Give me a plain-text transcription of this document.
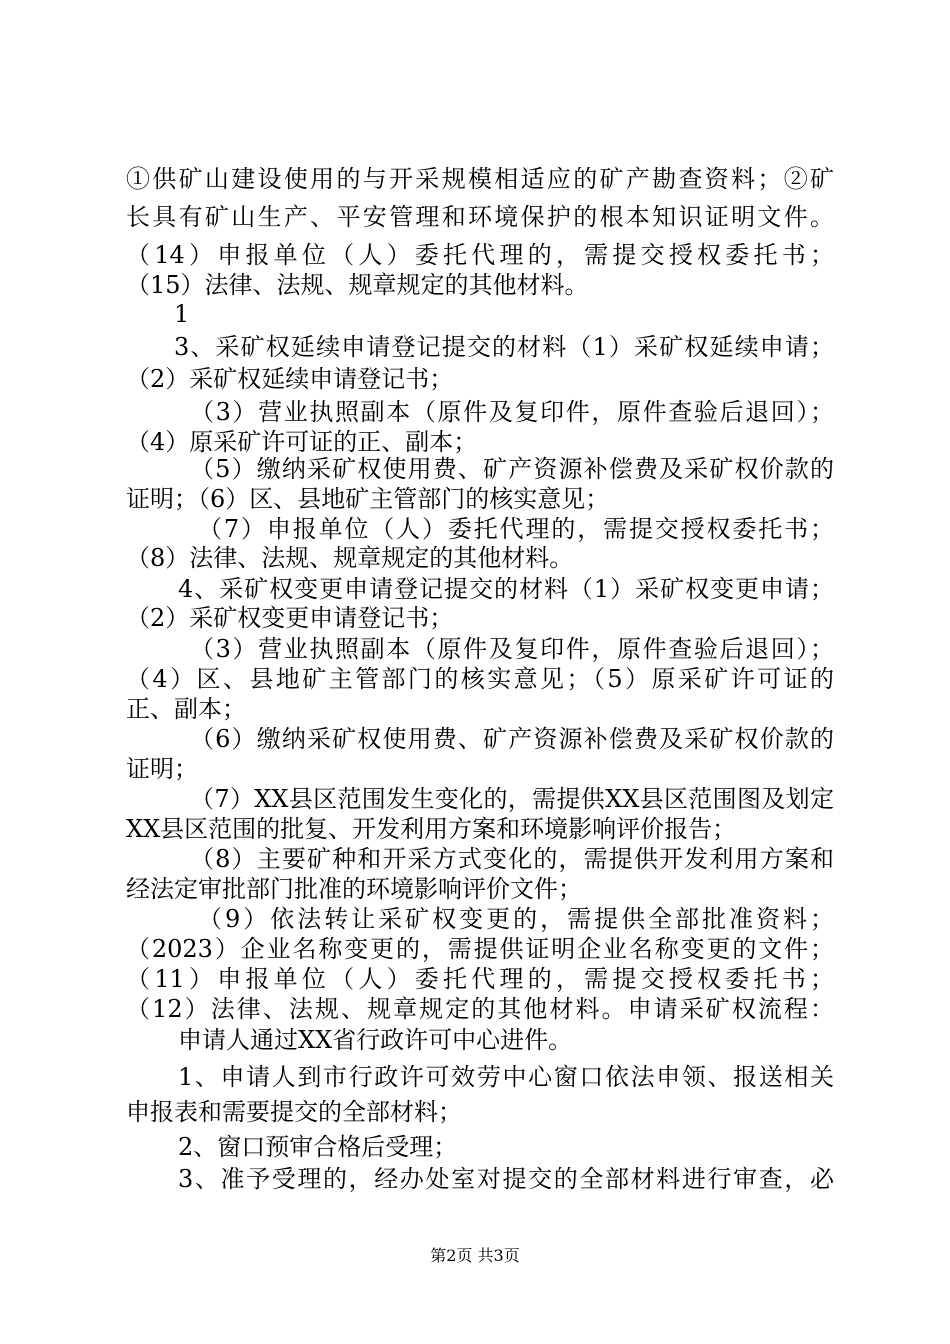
①供矿山建设使用的与开采规模相适应的矿产勘查资料；②矿
长具有矿山生产、平安管理和环境保护的根本知识证明文件。
（14）申报单位（人）委托代理的，需提交授权委托书；
（15）法律、法规、规章规定的其他材料。
1
3、采矿权延续申请登记提交的材料（1）采矿权延续申请；
（2）采矿权延续申请登记书；
（3）营业执照副本（原件及复印件，原件查验后退回）；
（4）原采矿许可证的正、副本；
（5）缴纳采矿权使用费、矿产资源补偿费及采矿权价款的
证明；（6）区、县地矿主管部门的核实意见；
（7）申报单位（人）委托代理的，需提交授权委托书；
（8）法律、法规、规章规定的其他材料。
4、采矿权变更申请登记提交的材料（1）采矿权变更申请；
（2）采矿权变更申请登记书；
（3）营业执照副本（原件及复印件，原件查验后退回）；
（4）区、县地矿主管部门的核实意见；（5）原采矿许可证的
正、副本；
（6）缴纳采矿权使用费、矿产资源补偿费及采矿权价款的
证明；
（7）XX县区范围发生变化的，需提供XX县区范围图及划定
XX县区范围的批复、开发利用方案和环境影响评价报告；
（8）主要矿种和开采方式变化的，需提供开发利用方案和
经法定审批部门批准的环境影响评价文件；
（9）依法转让采矿权变更的，需提供全部批准资料；
（2023）企业名称变更的，需提供证明企业名称变更的文件；
（11）申报单位（人）委托代理的，需提交授权委托书；
（12）法律、法规、规章规定的其他材料。申请采矿权流程：
申请人通过XX省行政许可中心进件。
1、申请人到市行政许可效劳中心窗口依法申领、报送相关
申报表和需要提交的全部材料；
2、窗口预审合格后受理；
3、准予受理的，经办处室对提交的全部材料进行审查，必
第2页 共3页
